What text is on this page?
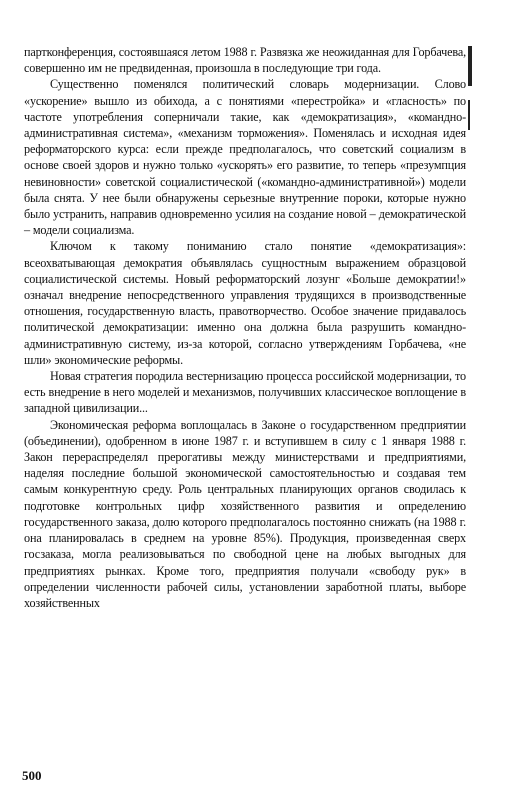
партконференция, состоявшаяся летом 1988 г. Развязка же неожиданная для Горбачева, совершенно им не предвиденная, произошла в последующие три года.

Существенно поменялся политический словарь модернизации. Слово «ускорение» вышло из обихода, а с понятиями «перестройка» и «гласность» по частоте употребления соперничали такие, как «демократизация», «командно-административная система», «механизм торможения». Поменялась и исходная идея реформаторского курса: если прежде предполагалось, что советский социализм в основе своей здоров и нужно только «ускорять» его развитие, то теперь «презумпция невиновности» советской социалистической («командно-административной») модели была снята. У нее были обнаружены серьезные внутренние пороки, которые нужно было устранить, направив одновременно усилия на создание новой – демократической – модели социализма.

Ключом к такому пониманию стало понятие «демократизация»: всеохватывающая демократия объявлялась сущностным выражением образцовой социалистической системы. Новый реформаторский лозунг «Больше демократии!» означал внедрение непосредственного управления трудящихся в производственные отношения, государственную власть, правотворчество. Особое значение придавалось политической демократизации: именно она должна была разрушить командно-административную систему, из-за которой, согласно утверждениям Горбачева, «не шли» экономические реформы.

Новая стратегия породила вестернизацию процесса российской модернизации, то есть внедрение в него моделей и механизмов, получивших классическое воплощение в западной цивилизации...

Экономическая реформа воплощалась в Законе о государственном предприятии (объединении), одобренном в июне 1987 г. и вступившем в силу с 1 января 1988 г. Закон перераспределял прерогативы между министерствами и предприятиями, наделяя последние большой экономической самостоятельностью и создавая тем самым конкурентную среду. Роль центральных планирующих органов сводилась к подготовке контрольных цифр хозяйственного развития и определению государственного заказа, долю которого предполагалось постоянно снижать (на 1988 г. она планировалась в среднем на уровне 85%). Продукция, произведенная сверх госзаказа, могла реализовываться по свободной цене на любых выгодных для предприятиях рынках. Кроме того, предприятия получали «свободу рук» в определении численности рабочей силы, установлении заработной платы, выборе хозяйственных

500
